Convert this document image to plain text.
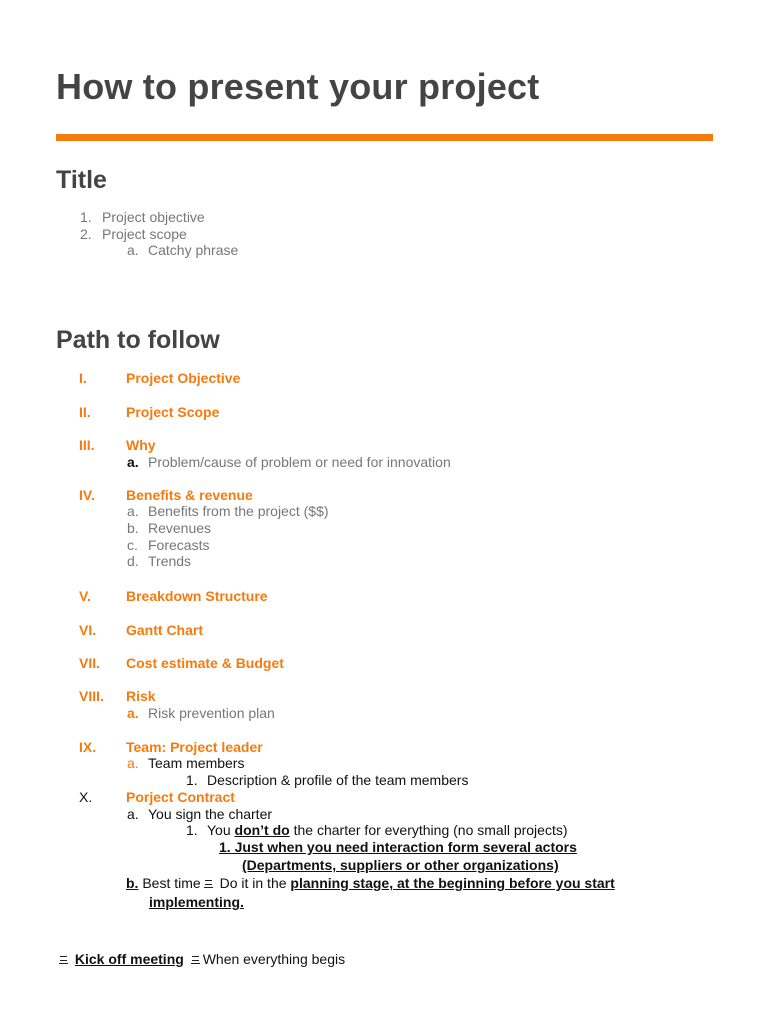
How to present your project
Title
1. Project objective
2. Project scope
a. Catchy phrase
Path to follow
I.	Project Objective
II.	Project Scope
III. Why
a. Problem/cause of problem or need for innovation
IV. Benefits & revenue
a. Benefits from the project ($$)
b. Revenues
c. Forecasts
d. Trends
V.	Breakdown Structure
VI. Gantt Chart
VII. Cost estimate & Budget
VIII. Risk
a. Risk prevention plan
IX. Team: Project leader
a. Team members
1. Description & profile of the team members
X. Porject Contract
a. You sign the charter
1. You don’t do the charter for everything (no small projects)
1. Just when you need interaction form several actors
(Departments, suppliers or other organizations)
b. Best time Do it in the planning stage, at the beginning before you start
implementing.
Kick off meeting When everything begis
